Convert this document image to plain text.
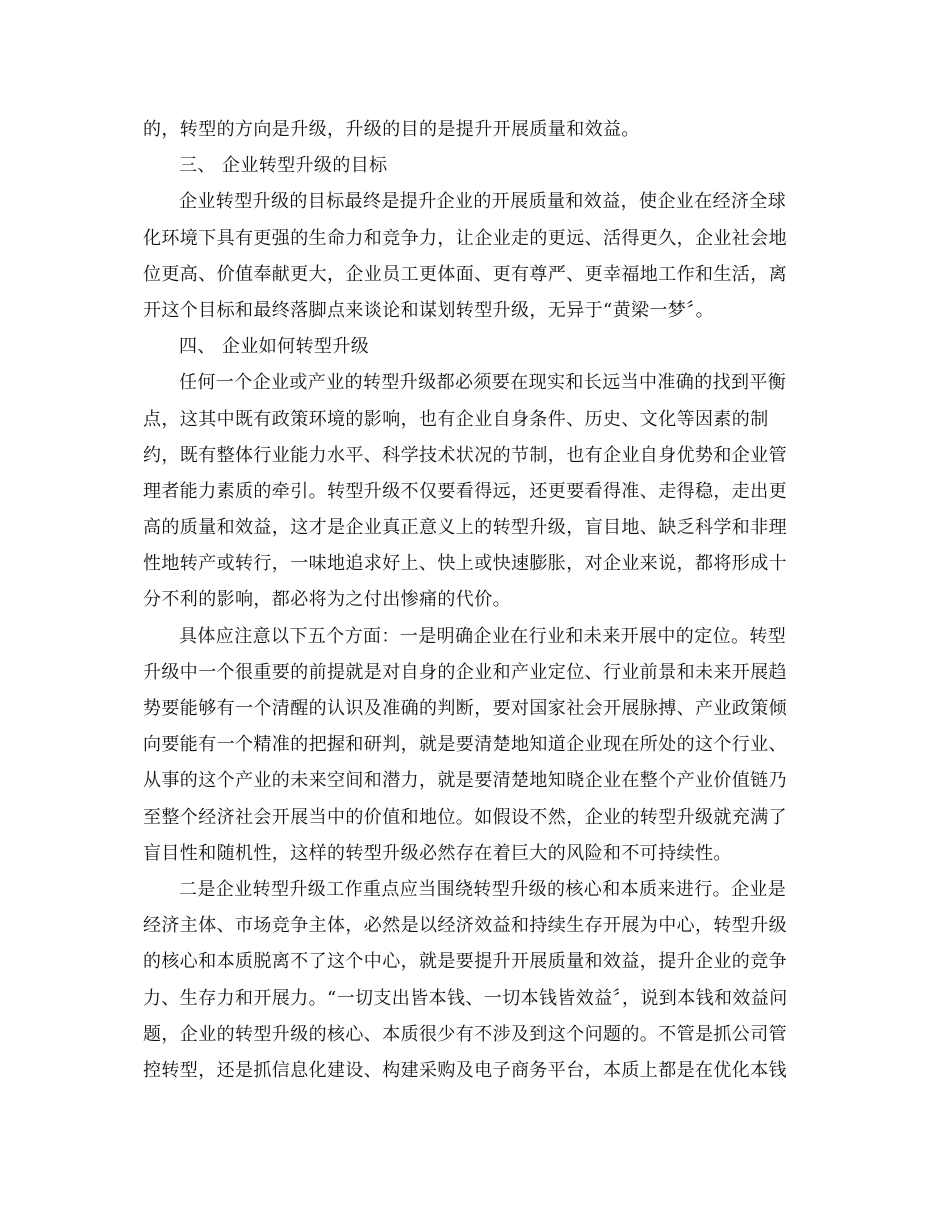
的，转型的方向是升级，升级的目的是提升开展质量和效益。
三、 企业转型升级的目标
企业转型升级的目标最终是提升企业的开展质量和效益，使企业在经济全球
化环境下具有更强的生命力和竞争力，让企业走的更远、活得更久，企业社会地
位更高、价值奉献更大，企业员工更体面、更有尊严、更幸福地工作和生活，离
开这个目标和最终落脚点来谈论和谋划转型升级，无异于“黄梁一梦〞。
四、 企业如何转型升级
任何一个企业或产业的转型升级都必须要在现实和长远当中准确的找到平衡
点，这其中既有政策环境的影响，也有企业自身条件、历史、文化等因素的制
约，既有整体行业能力水平、科学技术状况的节制，也有企业自身优势和企业管
理者能力素质的牵引。转型升级不仅要看得远，还更要看得准、走得稳，走出更
高的质量和效益，这才是企业真正意义上的转型升级，盲目地、缺乏科学和非理
性地转产或转行，一味地追求好上、快上或快速膨胀，对企业来说，都将形成十
分不利的影响，都必将为之付出惨痛的代价。
具体应注意以下五个方面：一是明确企业在行业和未来开展中的定位。转型
升级中一个很重要的前提就是对自身的企业和产业定位、行业前景和未来开展趋
势要能够有一个清醒的认识及准确的判断，要对国家社会开展脉搏、产业政策倾
向要能有一个精准的把握和研判，就是要清楚地知道企业现在所处的这个行业、
从事的这个产业的未来空间和潜力，就是要清楚地知晓企业在整个产业价值链乃
至整个经济社会开展当中的价值和地位。如假设不然，企业的转型升级就充满了
盲目性和随机性，这样的转型升级必然存在着巨大的风险和不可持续性。
二是企业转型升级工作重点应当围绕转型升级的核心和本质来进行。企业是
经济主体、市场竞争主体，必然是以经济效益和持续生存开展为中心，转型升级
的核心和本质脱离不了这个中心，就是要提升开展质量和效益，提升企业的竞争
力、生存力和开展力。“一切支出皆本钱、一切本钱皆效益〞，说到本钱和效益问
题，企业的转型升级的核心、本质很少有不涉及到这个问题的。不管是抓公司管
控转型，还是抓信息化建设、构建采购及电子商务平台，本质上都是在优化本钱
